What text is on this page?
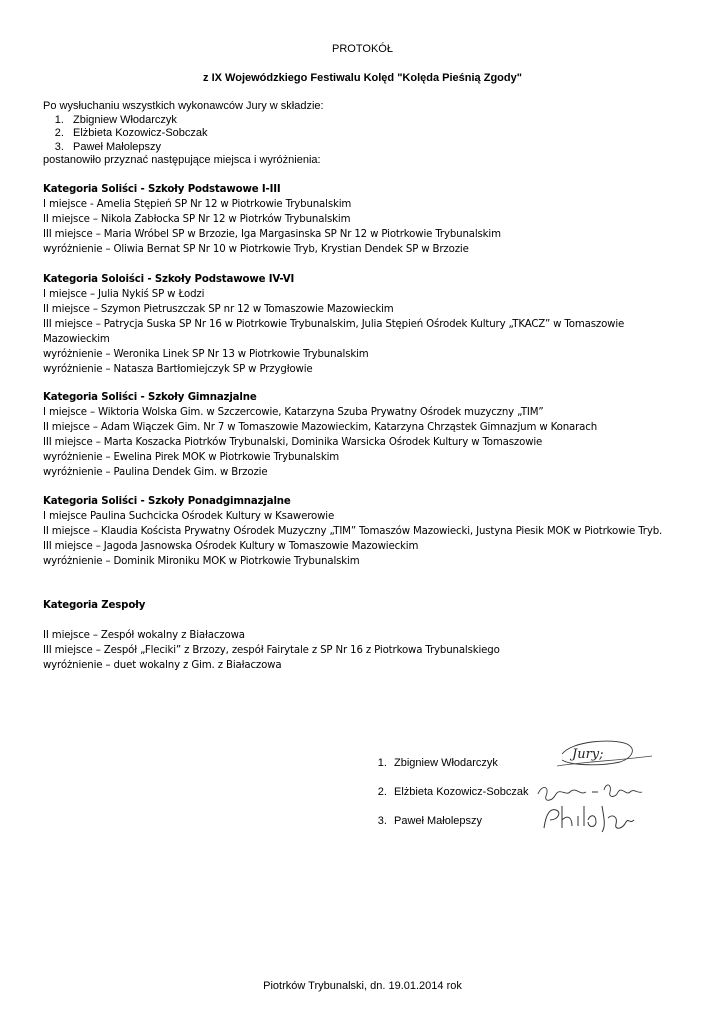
PROTOKÓŁ
z IX Wojewódzkiego Festiwalu Kolęd "Kolęda Pieśnią Zgody"
Po wysłuchaniu wszystkich wykonawców Jury w składzie:
1. Zbigniew Włodarczyk
2. Elżbieta Kozowicz-Sobczak
3. Paweł Małolepszy
postanowiło przyznać następujące miejsca i wyróżnienia:
Kategoria Soliści - Szkoły Podstawowe I-III
I miejsce - Amelia Stępień SP Nr 12 w Piotrkowie Trybunalskim
II miejsce – Nikola Zabłocka SP Nr 12 w Piotrków Trybunalskim
III miejsce – Maria Wróbel SP w Brzozie, Iga Margasinska SP Nr 12 w Piotrkowie Trybunalskim
wyróżnienie – Oliwia Bernat SP Nr 10 w Piotrkowie Tryb, Krystian Dendek SP w Brzozie
Kategoria Soloiści - Szkoły Podstawowe IV-VI
I miejsce – Julia Nykiś SP w Łodzi
II miejsce – Szymon Pietruszczak SP nr 12 w Tomaszowie Mazowieckim
III miejsce – Patrycja Suska SP Nr 16 w Piotrkowie Trybunalskim, Julia Stępień Ośrodek Kultury „TKACZ” w Tomaszowie Mazowieckim
wyróżnienie – Weronika Linek SP Nr 13 w Piotrkowie Trybunalskim
wyróżnienie – Natasza Bartłomiejczyk SP w Przygłowie
Kategoria Soliści - Szkoły Gimnazjalne
I miejsce – Wiktoria Wolska Gim. w Szczercowie, Katarzyna Szuba Prywatny Ośrodek muzyczny „TIM”
II miejsce – Adam Wiączek Gim. Nr 7 w Tomaszowie Mazowieckim, Katarzyna Chrząstek Gimnazjum w Konarach
III miejsce – Marta Koszacka Piotrków Trybunalski, Dominika Warsicka Ośrodek Kultury w Tomaszowie
wyróżnienie – Ewelina Pirek MOK w Piotrkowie Trybunalskim
wyróżnienie – Paulina Dendek Gim. w Brzozie
Kategoria Soliści - Szkoły Ponadgimnazjalne
I miejsce Paulina Suchcicka Ośrodek Kultury w Ksawerowie
II miejsce – Klaudia Koścista Prywatny Ośrodek Muzyczny „TIM” Tomaszów Mazowiecki, Justyna Piesik MOK w Piotrkowie Tryb.
III miejsce – Jagoda Jasnowska Ośrodek Kultury w Tomaszowie Mazowieckim
wyróżnienie – Dominik Mironiku MOK w Piotrkowie Trybunalskim
Kategoria Zespoły
II miejsce – Zespół wokalny z Białaczowa
III miejsce – Zespół „Fleciki” z Brzozy, zespół Fairytale z SP Nr 16 z Piotrkowa Trybunalskiego
wyróżnienie – duet wokalny z Gim. z Białaczowa
1. Zbigniew Włodarczyk
2. Elżbieta Kozowicz-Sobczak
3. Paweł Małolepszy
Jury;
Piotrków Trybunalski, dn. 19.01.2014 rok
